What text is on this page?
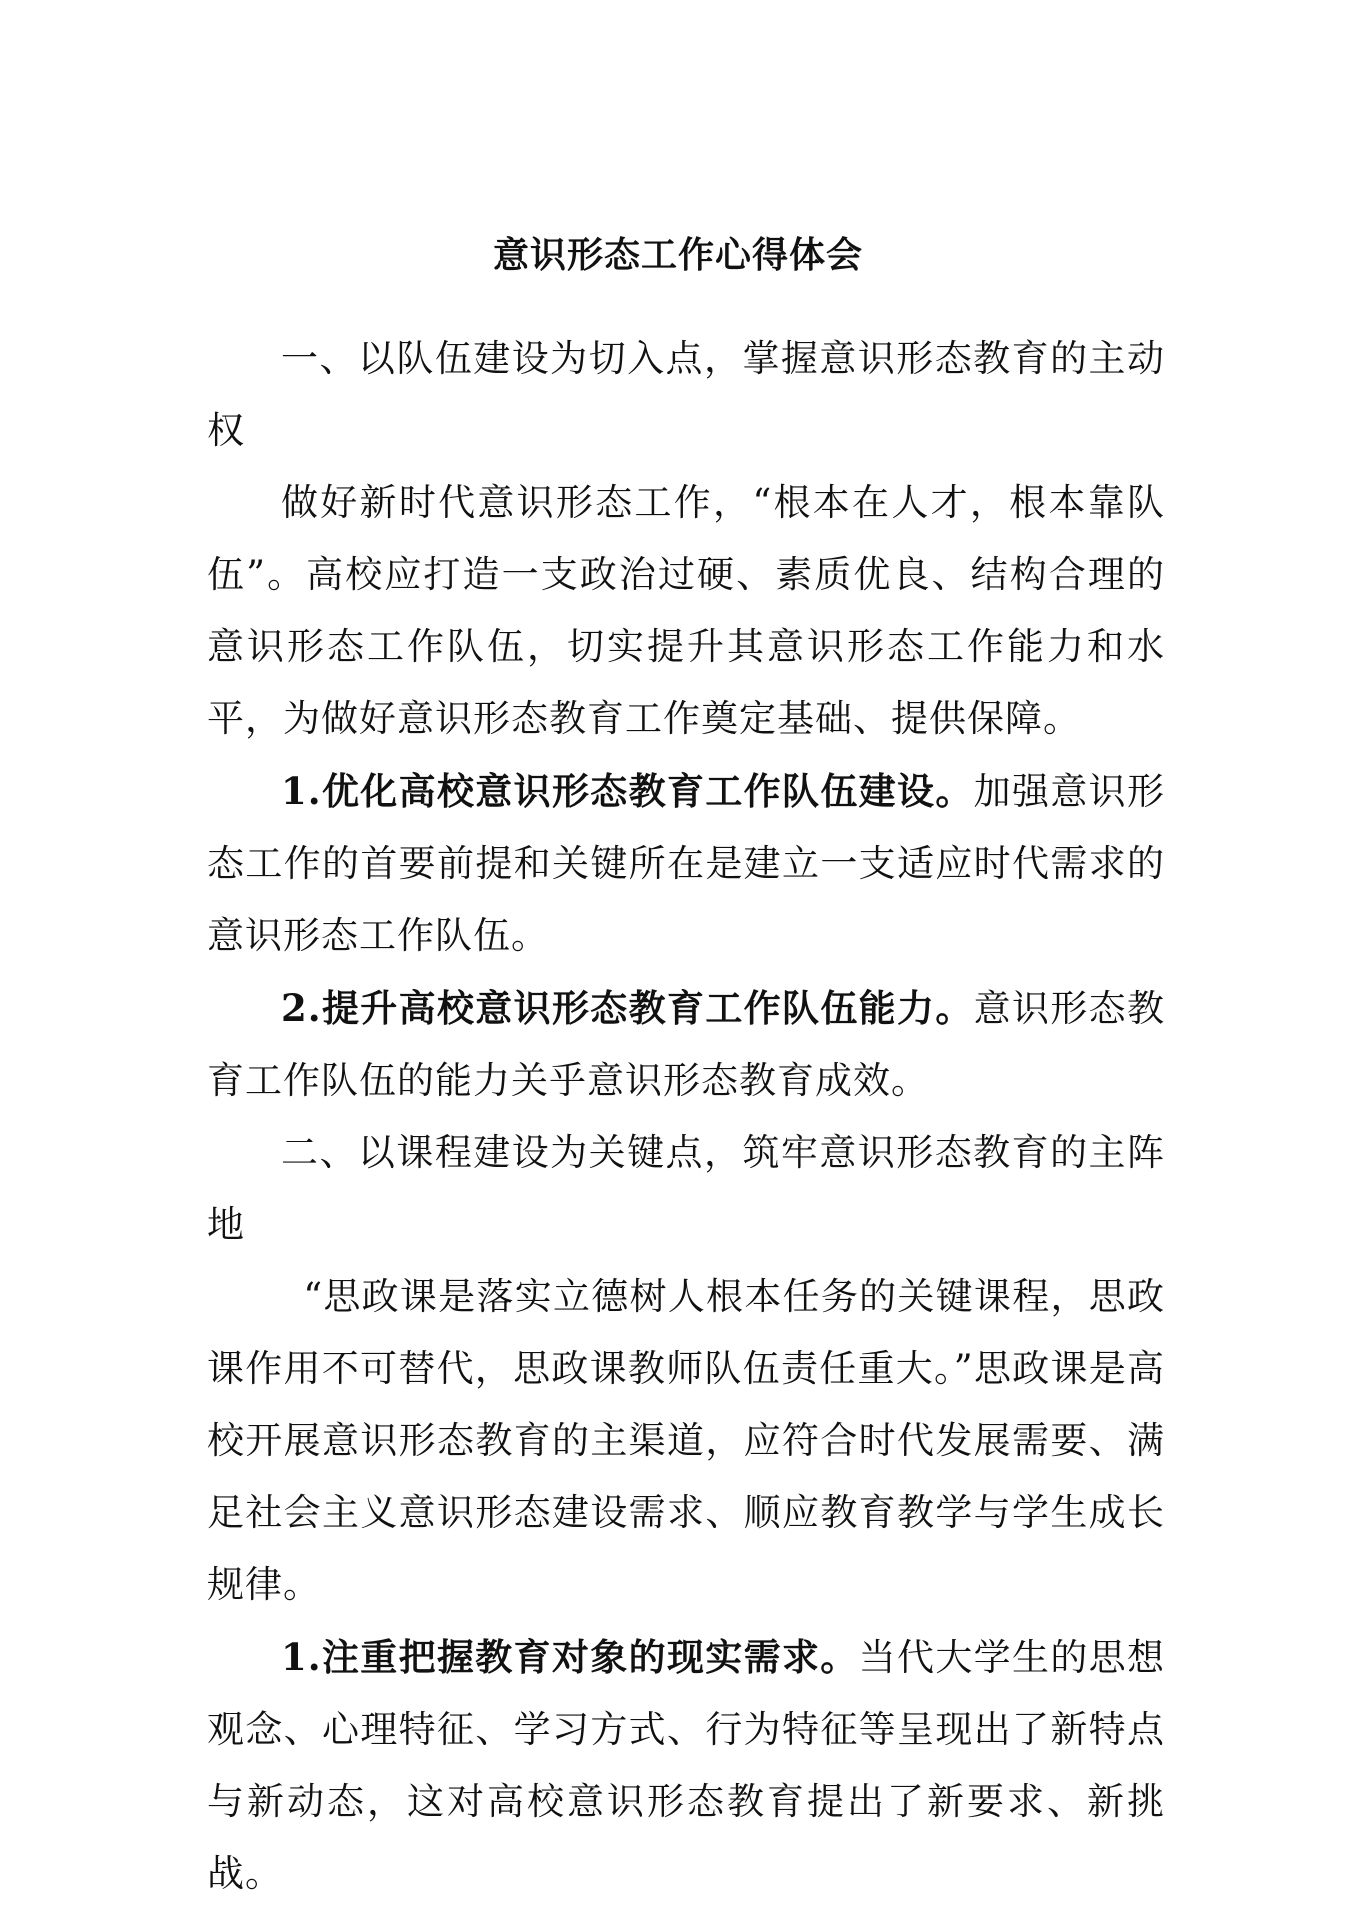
意识形态工作心得体会

一、以队伍建设为切入点，掌握意识形态教育的主动权

做好新时代意识形态工作，“根本在人才，根本靠队伍”。高校应打造一支政治过硬、素质优良、结构合理的意识形态工作队伍，切实提升其意识形态工作能力和水平，为做好意识形态教育工作奠定基础、提供保障。

1.优化高校意识形态教育工作队伍建设。加强意识形态工作的首要前提和关键所在是建立一支适应时代需求的意识形态工作队伍。

2.提升高校意识形态教育工作队伍能力。意识形态教育工作队伍的能力关乎意识形态教育成效。

二、以课程建设为关键点，筑牢意识形态教育的主阵地

“思政课是落实立德树人根本任务的关键课程，思政课作用不可替代，思政课教师队伍责任重大。”思政课是高校开展意识形态教育的主渠道，应符合时代发展需要、满足社会主义意识形态建设需求、顺应教育教学与学生成长规律。

1.注重把握教育对象的现实需求。当代大学生的思想观念、心理特征、学习方式、行为特征等呈现出了新特点与新动态，这对高校意识形态教育提出了新要求、新挑战。
